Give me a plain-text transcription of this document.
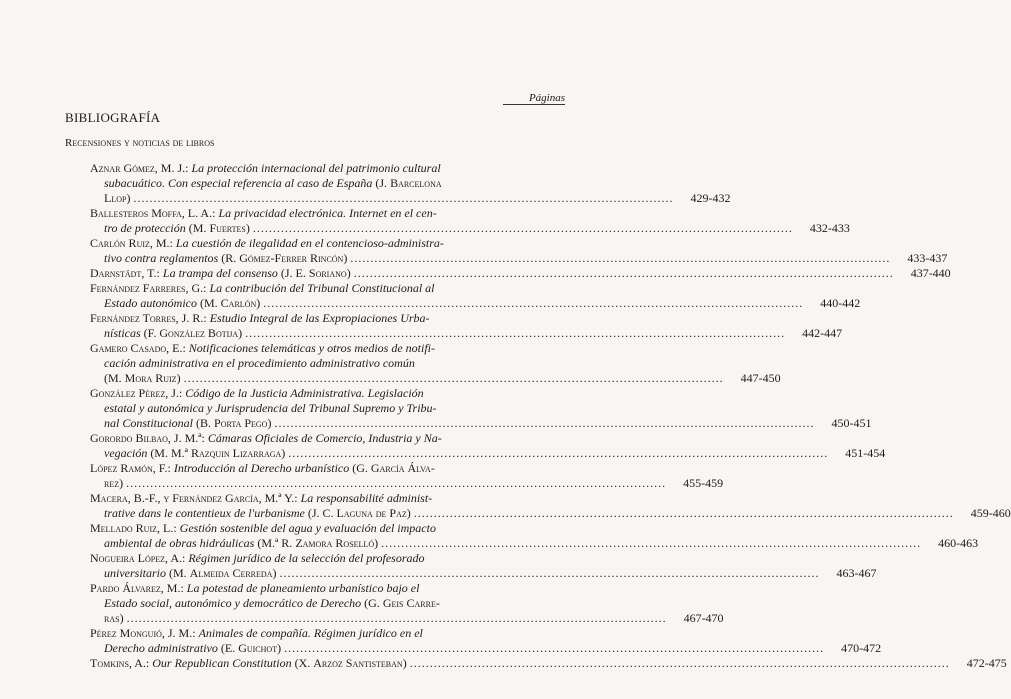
Páginas
BIBLIOGRAFÍA
Recensiones y noticias de libros
Aznar Gómez, M. J.: La protección internacional del patrimonio cultural
subacuático. Con especial referencia al caso de España (J. Barcelona
Llop) .......................................................................................................................................	429-432
Ballesteros Moffa, L. A.: La privacidad electrónica. Internet en el cen-
tro de protección (M. Fuertes) .......................................................................................................................................	432-433
Carlón Ruiz, M.: La cuestión de ilegalidad en el contencioso-administra-
tivo contra reglamentos (R. Gómez-Ferrer Rincón) .......................................................................................................................................	433-437
Darnstädt, T.: La trampa del consenso (J. E. Soriano) .......................................................................................................................................	437-440
Fernández Farreres, G.: La contribución del Tribunal Constitucional al
Estado autonómico (M. Carlón) .......................................................................................................................................	440-442
Fernández Torres, J. R.: Estudio Integral de las Expropiaciones Urba-
nísticas (F. González Botija) .......................................................................................................................................	442-447
Gamero Casado, E.: Notificaciones telemáticas y otros medios de notifi-
cación administrativa en el procedimiento administrativo común
(M. Mora Ruiz) .......................................................................................................................................	447-450
González Pérez, J.: Código de la Justicia Administrativa. Legislación
estatal y autonómica y Jurisprudencia del Tribunal Supremo y Tribu-
nal Constitucional (B. Porta Pego) .......................................................................................................................................	450-451
Gorordo Bilbao, J. M.ª: Cámaras Oficiales de Comercio, Industria y Na-
vegación (M. M.ª Razquin Lizarraga) .......................................................................................................................................	451-454
López Ramón, F.: Introducción al Derecho urbanístico (G. García Álva-
rez) .......................................................................................................................................	455-459
Macera, B.-F., y Fernández García, M.ª Y.: La responsabilité administ-
trative dans le contentieux de l'urbanisme (J. C. Laguna de Paz) .......................................................................................................................................	459-460
Mellado Ruiz, L.: Gestión sostenible del agua y evaluación del impacto
ambiental de obras hidráulicas (M.ª R. Zamora Roselló) .......................................................................................................................................	460-463
Nogueira López, A.: Régimen jurídico de la selección del profesorado
universitario (M. Almeida Cerreda) .......................................................................................................................................	463-467
Pardo Álvarez, M.: La potestad de planeamiento urbanístico bajo el
Estado social, autonómico y democrático de Derecho (G. Geis Carre-
ras) .......................................................................................................................................	467-470
Pérez Monguió, J. M.: Animales de compañía. Régimen jurídico en el
Derecho administrativo (E. Guichot) .......................................................................................................................................	470-472
Tomkins, A.: Our Republican Constitution (X. Arzoz Santisteban) .......................................................................................................................................	472-475
